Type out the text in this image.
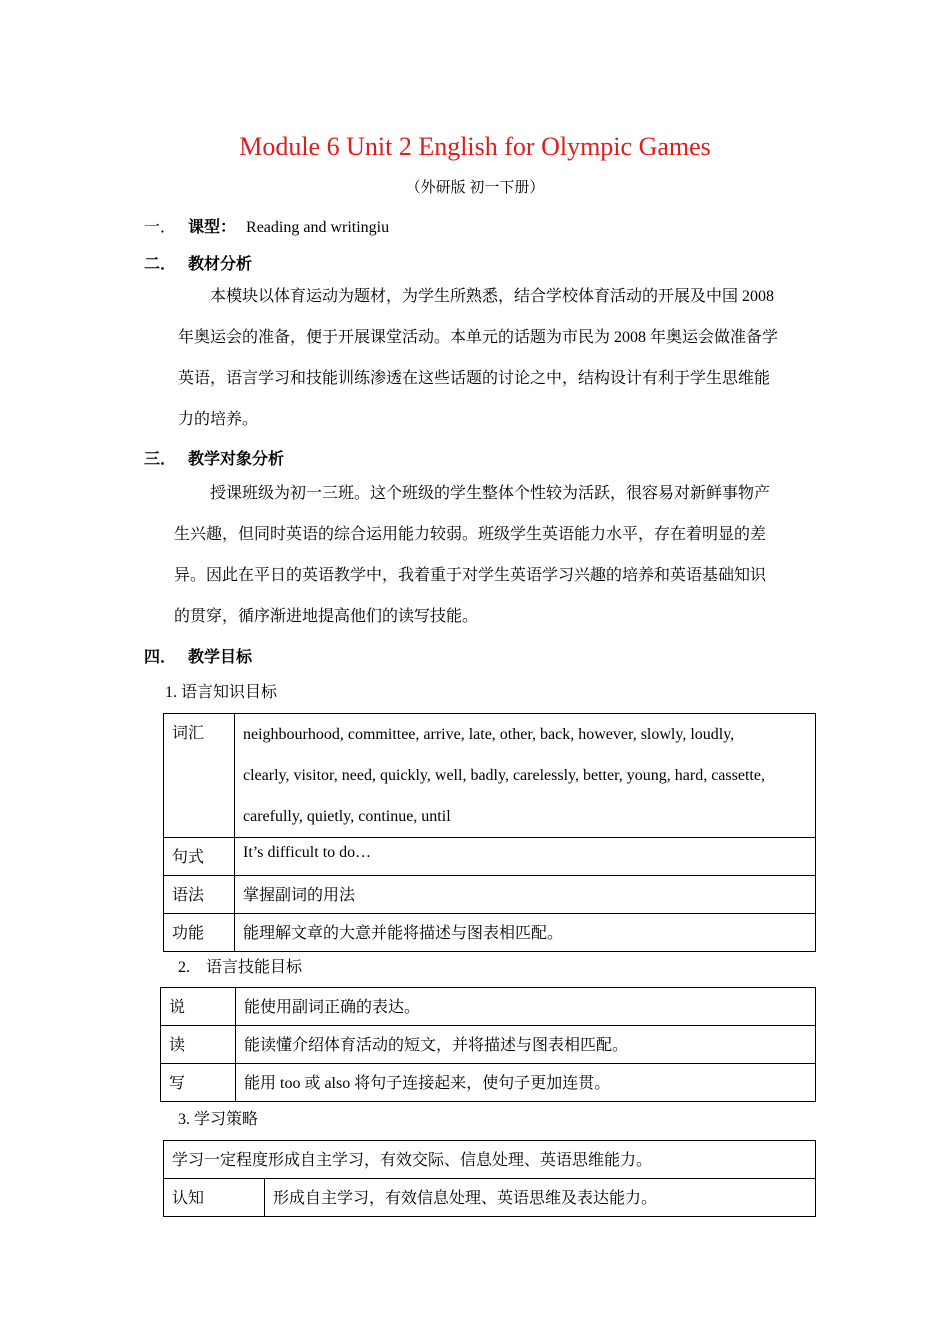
Module 6 Unit 2 English for Olympic Games
（外研版 初一下册）
一． 课型： Reading and writingiu
二． 教材分析
本模块以体育运动为题材，为学生所熟悉，结合学校体育活动的开展及中国 2008
年奥运会的准备，便于开展课堂活动。本单元的话题为市民为 2008 年奥运会做准备学
英语，语言学习和技能训练渗透在这些话题的讨论之中，结构设计有利于学生思维能
力的培养。
三． 教学对象分析
授课班级为初一三班。这个班级的学生整体个性较为活跃，很容易对新鲜事物产
生兴趣，但同时英语的综合运用能力较弱。班级学生英语能力水平，存在着明显的差
异。因此在平日的英语教学中，我着重于对学生英语学习兴趣的培养和英语基础知识
的贯穿，循序渐进地提高他们的读写技能。
四． 教学目标
1. 语言知识目标
词汇	neighbourhood, committee, arrive, late, other, back, however, slowly, loudly,
clearly, visitor, need, quickly, well, badly, carelessly, better, young, hard, cassette,
carefully, quietly, continue, until

句式	It’s difficult to do…
语法	掌握副词的用法
功能	能理解文章的大意并能将描述与图表相匹配。
2.　语言技能目标
说	能使用副词正确的表达。
读	能读懂介绍体育活动的短文，并将描述与图表相匹配。
写	能用 too 或 also 将句子连接起来，使句子更加连贯。
3. 学习策略
学习一定程度形成自主学习，有效交际、信息处理、英语思维能力。
认知	形成自主学习，有效信息处理、英语思维及表达能力。
